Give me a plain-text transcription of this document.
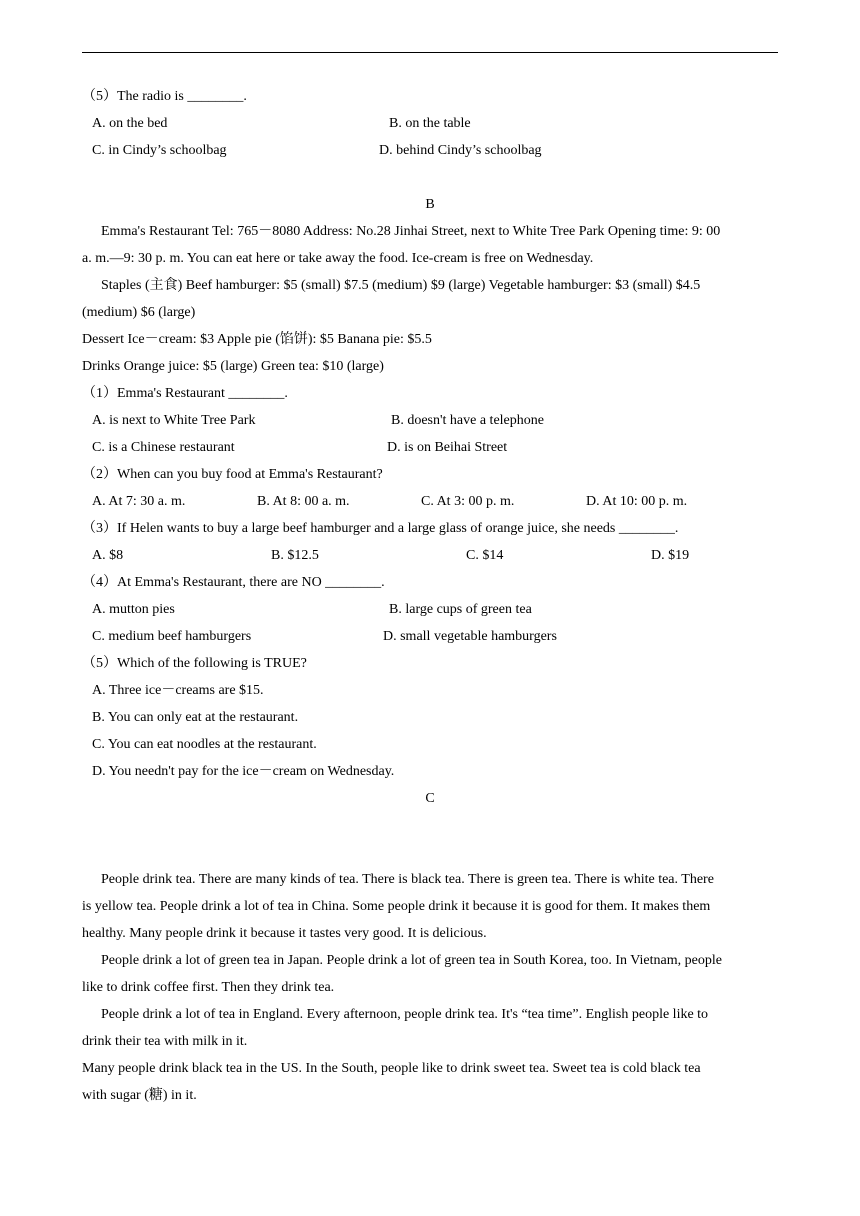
（5）The radio is ________.
A. on the bed	B. on the table
C. in Cindy’s schoolbag	D. behind Cindy’s schoolbag
B
Emma's Restaurant Tel: 765－8080 Address: No.28 Jinhai Street, next to White Tree Park Opening time: 9: 00
a. m.—9: 30 p. m. You can eat here or take away the food. Ice-cream is free on Wednesday.
Staples (主食) Beef hamburger: $5 (small) $7.5 (medium) $9 (large) Vegetable hamburger: $3 (small) $4.5
(medium) $6 (large)
Dessert Ice－cream: $3 Apple pie (馅饼): $5 Banana pie: $5.5
Drinks Orange juice: $5 (large) Green tea: $10 (large)
（1）Emma's Restaurant ________.
A. is next to White Tree Park	B. doesn't have a telephone
C. is a Chinese restaurant	D. is on Beihai Street
（2）When can you buy food at Emma's Restaurant?
A. At 7: 30 a. m.	B. At 8: 00 a. m.	C. At 3: 00 p. m.	D. At 10: 00 p. m.
（3）If Helen wants to buy a large beef hamburger and a large glass of orange juice, she needs ________.
A. $8	B. $12.5	C. $14	D. $19
（4）At Emma's Restaurant, there are NO ________.
A. mutton pies	B. large cups of green tea
C. medium beef hamburgers	D. small vegetable hamburgers
（5）Which of the following is TRUE?
A. Three ice－creams are $15.
B. You can only eat at the restaurant.
C. You can eat noodles at the restaurant.
D. You needn't pay for the ice－cream on Wednesday.
C
People drink tea. There are many kinds of tea. There is black tea. There is green tea. There is white tea. There
is yellow tea. People drink a lot of tea in China. Some people drink it because it is good for them. It makes them
healthy. Many people drink it because it tastes very good. It is delicious.
People drink a lot of green tea in Japan. People drink a lot of green tea in South Korea, too. In Vietnam, people
like to drink coffee first. Then they drink tea.
People drink a lot of tea in England. Every afternoon, people drink tea. It's “tea time”. English people like to
drink their tea with milk in it.
Many people drink black tea in the US. In the South, people like to drink sweet tea. Sweet tea is cold black tea
with sugar (糖) in it.
